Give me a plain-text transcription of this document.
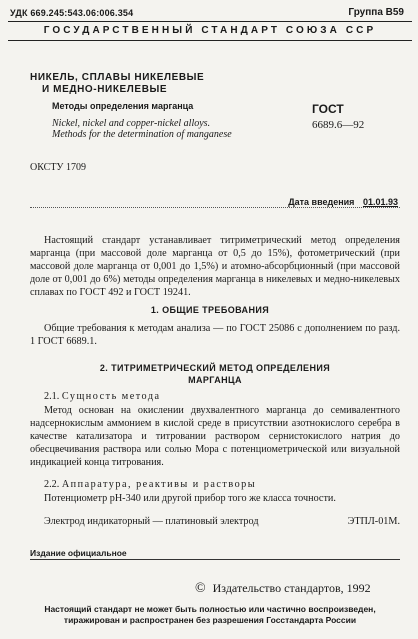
УДК 669.245:543.06:006.354	Группа В59
ГОСУДАРСТВЕННЫЙ СТАНДАРТ СОЮЗА ССР
НИКЕЛЬ, СПЛАВЫ НИКЕЛЕВЫЕ
И МЕДНО-НИКЕЛЕВЫЕ
Методы определения марганца
Nickel, nickel and copper-nickel alloys.
Methods for the determination of manganese
ГОСТ
6689.6—92
ОКСТУ 1709
Дата введения 01.01.93

Настоящий стандарт устанавливает титриметрический метод определения марганца (при массовой доле марганца от 0,5 до 15%), фотометрический (при массовой доле марганца от 0,001 до 1,5%) и атомно-абсорбционный (при массовой доле от 0,001 до 6%) методы определения марганца в никелевых и медно-никелевых сплавах по ГОСТ 492 и ГОСТ 19241.

1. ОБЩИЕ ТРЕБОВАНИЯ

Общие требования к методам анализа — по ГОСТ 25086 с дополнением по разд. 1 ГОСТ 6689.1.

2. ТИТРИМЕТРИЧЕСКИЙ МЕТОД ОПРЕДЕЛЕНИЯ
МАРГАНЦА
2.1. Сущность метода

Метод основан на окислении двухвалентного марганца до семивалентного надсернокислым аммонием в кислой среде в присутствии азотнокислого серебра в качестве катализатора и титровании раствором сернистокислого натрия до обесцвечивания раствора или солью Мора с потенциометрической или визуальной индикацией конца титрования.

2.2. Аппаратура, реактивы и растворы

Потенциометр рН-340 или другой прибор того же класса точности.

Электрод индикаторный — платиновый электрод	ЭТПЛ-01М.
Издание официальное
© Издательство стандартов, 1992
Настоящий стандарт не может быть полностью или частично воспроизведен,
тиражирован и распространен без разрешения Госстандарта России
